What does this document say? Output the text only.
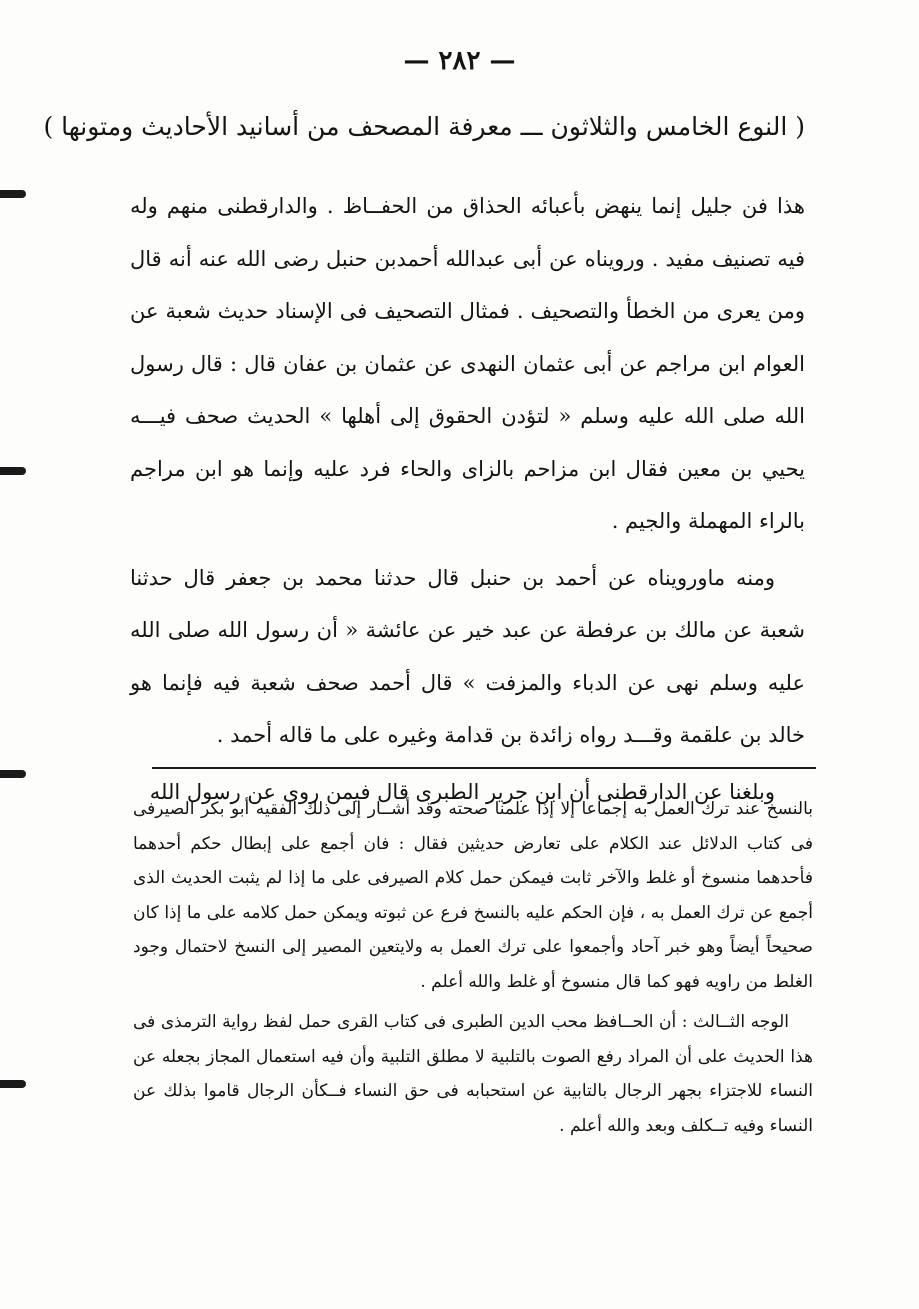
— ٢٨٢ —
( النوع الخامس والثلاثون ـــ معرفة المصحف من أسانيد الأحاديث ومتونها )

هذا فن جليل إنما ينهض بأعبائه الحذاق من الحفــاظ . والدارقطنى منهم وله فيه تصنيف مفيد . ورويناه عن أبى عبدالله أحمدبن حنبل رضى الله عنه أنه قال ومن يعرى من الخطأ والتصحيف . فمثال التصحيف فى الإسناد حديث شعبة عن العوام ابن مراجم عن أبى عثمان النهدى عن عثمان بن عفان قال : قال رسول الله صلى الله عليه وسلم « لتؤدن الحقوق إلى أهلها » الحديث صحف فيـــه يحيي بن معين فقال ابن مزاحم بالزاى والحاء فرد عليه وإنما هو ابن مراجم بالراء المهملة والجيم .

ومنه ماورويناه عن أحمد بن حنبل قال حدثنا محمد بن جعفر قال حدثنا شعبة عن مالك بن عرفطة عن عبد خير عن عائشة « أن رسول الله صلى الله عليه وسلم نهى عن الدباء والمزفت » قال أحمد صحف شعبة فيه فإنما هو خالد بن علقمة وقـــد رواه زائدة بن قدامة وغيره على ما قاله أحمد .

وبلغنا عن الدارقطنى أن ابن جرير الطبرى قال فيمن روى عن رسول الله

بالنسخ عند ترك العمل به إجماعا إلا إذا علمنا صحته وقد أشــار إلى ذلك الفقيه أبو بكر الصيرفى فى كتاب الدلائل عند الكلام على تعارض حديثين فقال : فان أجمع على إبطال حكم أحدهما فأحدهما منسوخ أو غلط والآخر ثابت فيمكن حمل كلام الصيرفى على ما إذا لم يثبت الحديث الذى أجمع عن ترك العمل به ، فإن الحكم عليه بالنسخ فرع عن ثبوته ويمكن حمل كلامه على ما إذا كان صحيحاً أيضاً وهو خبر آحاد وأجمعوا على ترك العمل به ولايتعين المصير إلى النسخ لاحتمال وجود الغلط من راويه فهو كما قال منسوخ أو غلط والله أعلم .

الوجه الثــالث : أن الحــافظ محب الدين الطبرى فى كتاب القرى حمل لفظ رواية الترمذى فى هذا الحديث على أن المراد رفع الصوت بالتلبية لا مطلق التلبية وأن فيه استعمال المجاز بجعله عن النساء للاجتزاء بجهر الرجال بالتابية عن استحبابه فى حق النساء فــكأن الرجال قاموا بذلك عن النساء وفيه تــكلف وبعد والله أعلم .
